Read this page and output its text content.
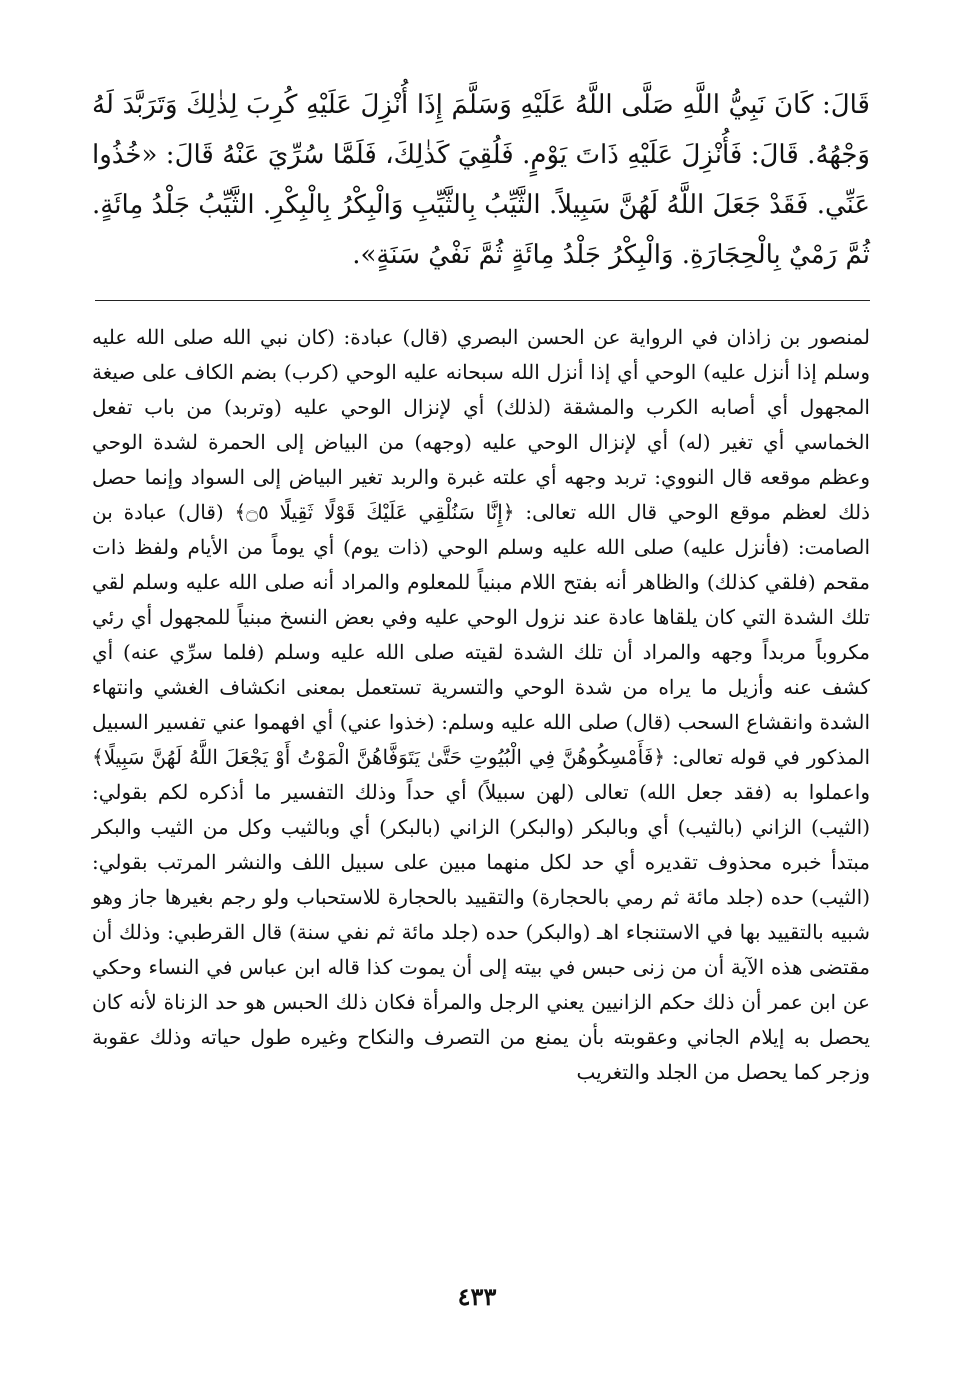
قَالَ: كَانَ نَبِيُّ اللَّهِ صَلَّى اللَّهُ عَلَيْهِ وَسَلَّمَ إِذَا أُنْزِلَ عَلَيْهِ كُرِبَ لِذٰلِكَ وَتَرَبَّدَ لَهُ وَجْهُهُ. قَالَ: فَأُنْزِلَ عَلَيْهِ ذَاتَ يَوْمٍ. فَلُقِيَ كَذٰلِكَ، فَلَمَّا سُرِّيَ عَنْهُ قَالَ: «خُذُوا عَنِّي. فَقَدْ جَعَلَ اللَّهُ لَهُنَّ سَبِيلاً. الثَّيِّبُ بِالثَّيِّبِ وَالْبِكْرُ بِالْبِكْرِ. الثَّيِّبُ جَلْدُ مِائَةٍ. ثُمَّ رَمْيٌ بِالْحِجَارَةِ. وَالْبِكْرُ جَلْدُ مِائَةٍ ثُمَّ نَفْيُ سَنَةٍ».

لمنصور بن زاذان في الرواية عن الحسن البصري (قال) عبادة: (كان نبي الله صلى الله عليه وسلم إذا أنزل عليه) الوحي أي إذا أنزل الله سبحانه عليه الوحي (كرب) بضم الكاف على صيغة المجهول أي أصابه الكرب والمشقة (لذلك) أي لإنزال الوحي عليه (وتربد) من باب تفعل الخماسي أي تغير (له) أي لإنزال الوحي عليه (وجهه) من البياض إلى الحمرة لشدة الوحي وعظم موقعه قال النووي: تربد وجهه أي علته غبرة والربد تغير البياض إلى السواد وإنما حصل ذلك لعظم موقع الوحي قال الله تعالى: ﴿إِنَّا سَنُلْقِي عَلَيْكَ قَوْلًا ثَقِيلًا ۝٥﴾ (قال) عبادة بن الصامت: (فأنزل عليه) صلى الله عليه وسلم الوحي (ذات يوم) أي يوماً من الأيام ولفظ ذات مقحم (فلقي كذلك) والظاهر أنه بفتح اللام مبنياً للمعلوم والمراد أنه صلى الله عليه وسلم لقي تلك الشدة التي كان يلقاها عادة عند نزول الوحي عليه وفي بعض النسخ مبنياً للمجهول أي رئي مكروباً مربداً وجهه والمراد أن تلك الشدة لقيته صلى الله عليه وسلم (فلما سرِّي عنه) أي كشف عنه وأزيل ما يراه من شدة الوحي والتسرية تستعمل بمعنى انكشاف الغشي وانتهاء الشدة وانقشاع السحب (قال) صلى الله عليه وسلم: (خذوا عني) أي افهموا عني تفسير السبيل المذكور في قوله تعالى: ﴿فَأَمْسِكُوهُنَّ فِي الْبُيُوتِ حَتَّىٰ يَتَوَفَّاهُنَّ الْمَوْتُ أَوْ يَجْعَلَ اللَّهُ لَهُنَّ سَبِيلًا﴾ واعملوا به (فقد جعل الله) تعالى (لهن سبيلاً) أي حداً وذلك التفسير ما أذكره لكم بقولي: (الثيب) الزاني (بالثيب) أي وبالبكر (والبكر) الزاني (بالبكر) أي وبالثيب وكل من الثيب والبكر مبتدأ خبره محذوف تقديره أي حد لكل منهما مبين على سبيل اللف والنشر المرتب بقولي: (الثيب) حده (جلد مائة ثم رمي بالحجارة) والتقييد بالحجارة للاستحباب ولو رجم بغيرها جاز وهو شبيه بالتقييد بها في الاستنجاء اهـ (والبكر) حده (جلد مائة ثم نفي سنة) قال القرطبي: وذلك أن مقتضى هذه الآية أن من زنى حبس في بيته إلى أن يموت كذا قاله ابن عباس في النساء وحكي عن ابن عمر أن ذلك حكم الزانيين يعني الرجل والمرأة فكان ذلك الحبس هو حد الزناة لأنه كان يحصل به إيلام الجاني وعقوبته بأن يمنع من التصرف والنكاح وغيره طول حياته وذلك عقوبة وزجر كما يحصل من الجلد والتغريب

٤٣٣
